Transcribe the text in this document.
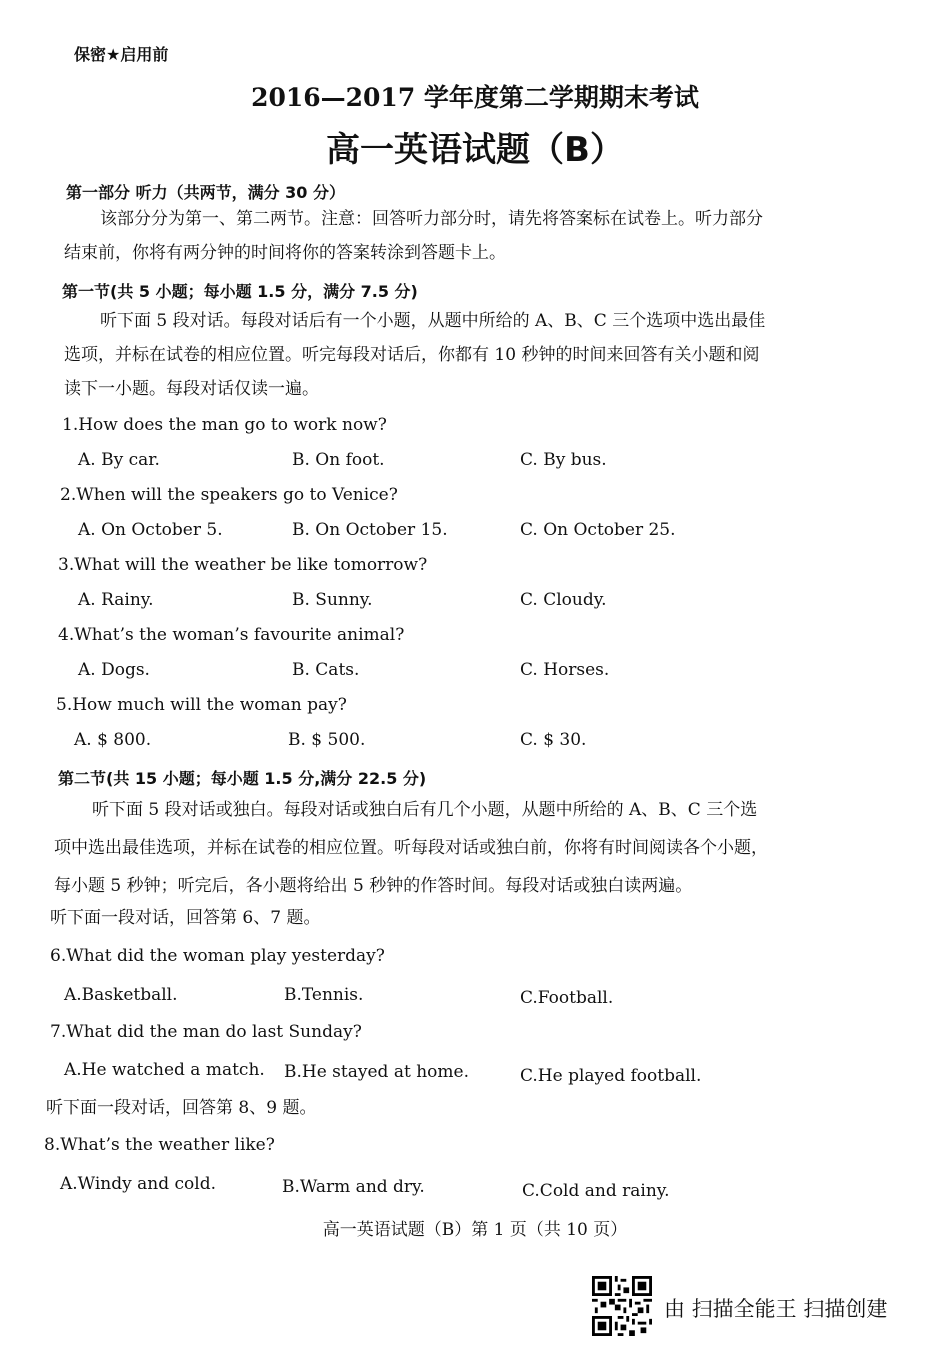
保密★启用前
2016—2017 学年度第二学期期末考试
高一英语试题（B）
第一部分 听力（共两节，满分 30 分）
该部分分为第一、第二两节。注意：回答听力部分时，请先将答案标在试卷上。听力部分
结束前，你将有两分钟的时间将你的答案转涂到答题卡上。
第一节(共 5 小题；每小题 1.5 分，满分 7.5 分)
听下面 5 段对话。每段对话后有一个小题，从题中所给的 A、B、C 三个选项中选出最佳
选项，并标在试卷的相应位置。听完每段对话后，你都有 10 秒钟的时间来回答有关小题和阅
读下一小题。每段对话仅读一遍。
1.How does the man go to work now?
A. By car.	B. On foot.	C. By bus.
2.When will the speakers go to Venice?
A. On October 5.	B. On October 15.	C. On October 25.
3.What will the weather be like tomorrow?
A. Rainy.	B. Sunny.	C. Cloudy.
4.What’s the woman’s favourite animal?
A. Dogs.	B. Cats.	C. Horses.
5.How much will the woman pay?
A. $ 800.	B. $ 500.	C. $ 30.
第二节(共 15 小题；每小题 1.5 分,满分 22.5 分)
听下面 5 段对话或独白。每段对话或独白后有几个小题，从题中所给的 A、B、C 三个选
项中选出最佳选项，并标在试卷的相应位置。听每段对话或独白前，你将有时间阅读各个小题，
每小题 5 秒钟；听完后，各小题将给出 5 秒钟的作答时间。每段对话或独白读两遍。
听下面一段对话，回答第 6、7 题。
6.What did the woman play yesterday?
A.Basketball.	B.Tennis.	C.Football.
7.What did the man do last Sunday?
A.He watched a match. B.He stayed at home.	C.He played football.
听下面一段对话，回答第 8、9 题。
8.What’s the weather like?
A.Windy and cold.	B.Warm and dry.	C.Cold and rainy.
高一英语试题（B）第 1 页（共 10 页）
由 扫描全能王 扫描创建
